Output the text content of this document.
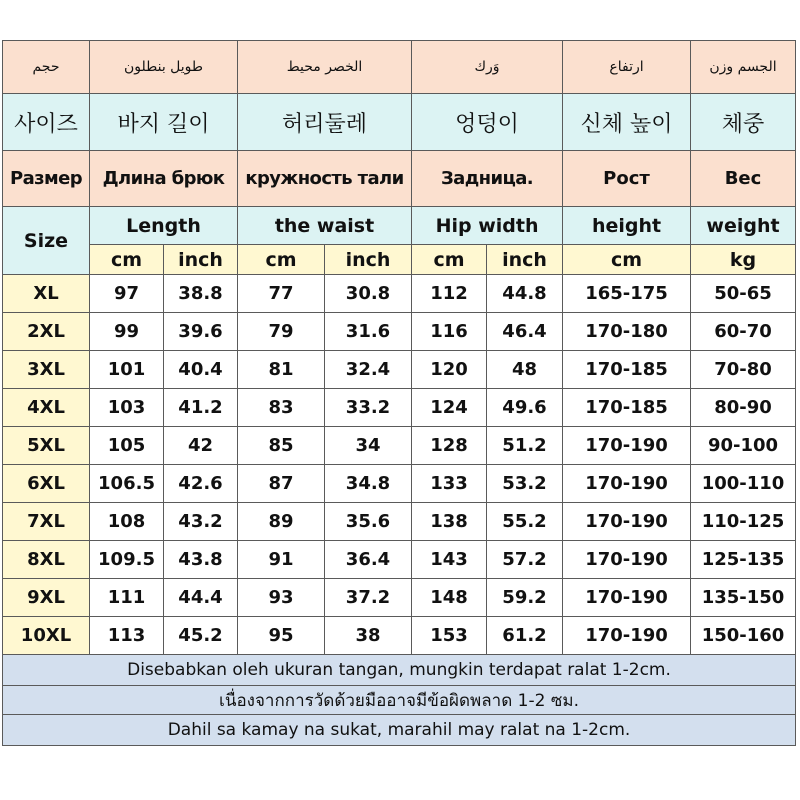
حجم	طويل بنطلون		الخصر محيط		وَرك		ارتفاع	الجسم وزن
사이즈	바지 길이		허리둘레		엉덩이		신체 높이	체중
Размер	Длина брюк		кружность тали		Задница.		Рост	Вес
Size	Length		the waist		Hip width		height	weight
	cm	inch	cm	inch	cm	inch	cm	kg
XL	97	38.8	77	30.8	112	44.8	165-175	50-65
2XL	99	39.6	79	31.6	116	46.4	170-180	60-70
3XL	101	40.4	81	32.4	120	48	170-185	70-80
4XL	103	41.2	83	33.2	124	49.6	170-185	80-90
5XL	105	42	85	34	128	51.2	170-190	90-100
6XL	106.5	42.6	87	34.8	133	53.2	170-190	100-110
7XL	108	43.2	89	35.6	138	55.2	170-190	110-125
8XL	109.5	43.8	91	36.4	143	57.2	170-190	125-135
9XL	111	44.4	93	37.2	148	59.2	170-190	135-150
10XL	113	45.2	95	38	153	61.2	170-190	150-160
Disebabkan oleh ukuran tangan, mungkin terdapat ralat 1-2cm.								
เนื่องจากการวัดด้วยมืออาจมีข้อผิดพลาด 1-2 ซม.								
Dahil sa kamay na sukat, marahil may ralat na 1-2cm.								
